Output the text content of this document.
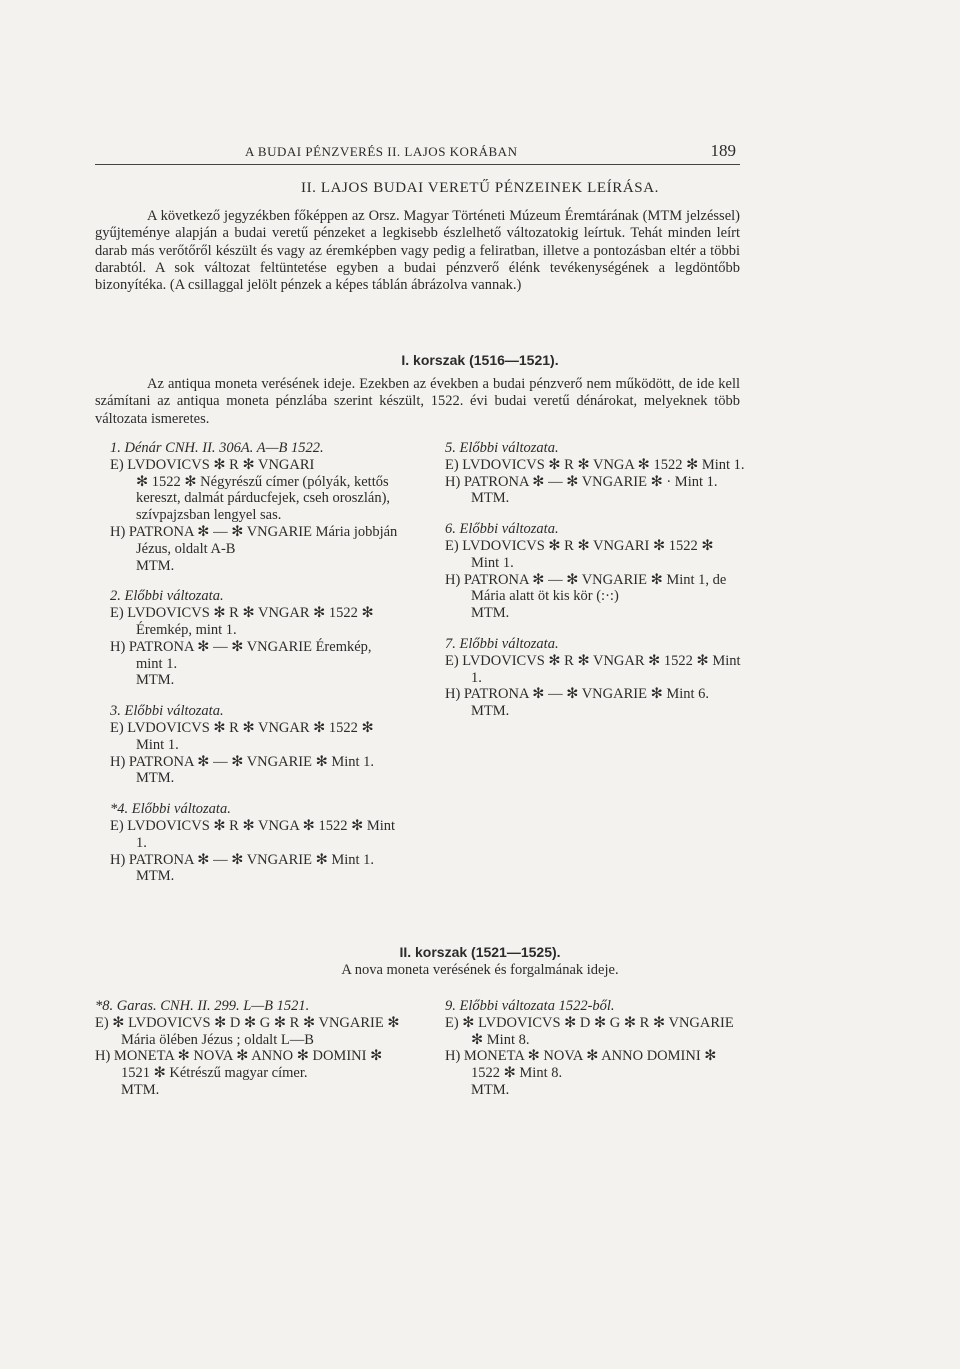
A BUDAI PÉNZVERÉS II. LAJOS KORÁBAN	189
II. LAJOS BUDAI VERETŰ PÉNZEINEK LEÍRÁSA.

A következő jegyzékben főképpen az Orsz. Magyar Történeti Múzeum Éremtárának (MTM jelzéssel) gyűjteménye alapján a budai veretű pénzeket a legkisebb észlelhető változatokig leírtuk. Tehát minden leírt darab más verőtőről készült és vagy az éremképben vagy pedig a feliratban, illetve a pontozásban eltér a többi darabtól. A sok változat feltüntetése egyben a budai pénzverő élénk tevékenységének a legdöntőbb bizonyítéka. (A csillaggal jelölt pénzek a képes táblán ábrázolva vannak.)

I. korszak (1516—1521).

Az antiqua moneta verésének ideje. Ezekben az években a budai pénzverő nem működött, de ide kell számítani az antiqua moneta pénzlába szerint készült, 1522. évi budai veretű dénárokat, melyeknek több változata ismeretes.

1. Dénár CNH. II. 306A. A—B 1522.
E) LVDOVICVS ✻ R ✻ VNGARI
✻ 1522 ✻ Négyrészű címer (pólyák, kettős kereszt, dalmát párducfejek, cseh oroszlán), szívpajzsban lengyel sas.
H) PATRONA ✻ — ✻ VNGARIE Mária jobbján Jézus, oldalt A-B
MTM.
2. Előbbi változata.
E) LVDOVICVS ✻ R ✻ VNGAR ✻ 1522 ✻ Éremkép, mint 1.
H) PATRONA ✻ — ✻ VNGARIE Éremkép, mint 1.
MTM.
3. Előbbi változata.
E) LVDOVICVS ✻ R ✻ VNGAR ✻ 1522 ✻ Mint 1.
H) PATRONA ✻ — ✻ VNGARIE ✻ Mint 1.
MTM.
*4. Előbbi változata.
E) LVDOVICVS ✻ R ✻ VNGA ✻ 1522 ✻ Mint 1.
H) PATRONA ✻ — ✻ VNGARIE ✻ Mint 1.
MTM.
5. Előbbi változata.
E) LVDOVICVS ✻ R ✻ VNGA ✻ 1522 ✻ Mint 1.
H) PATRONA ✻ — ✻ VNGARIE ✻ · Mint 1.
MTM.
6. Előbbi változata.
E) LVDOVICVS ✻ R ✻ VNGARI ✻ 1522 ✻ Mint 1.
H) PATRONA ✻ — ✻ VNGARIE ✻ Mint 1, de Mária alatt öt kis kör (:·:)
MTM.
7. Előbbi változata.
E) LVDOVICVS ✻ R ✻ VNGAR ✻ 1522 ✻ Mint 1.
H) PATRONA ✻ — ✻ VNGARIE ✻ Mint 6.
MTM.
II. korszak (1521—1525).
A nova moneta verésének és forgalmának ideje.
*8. Garas. CNH. II. 299. L—B 1521.
E) ✻ LVDOVICVS ✻ D ✻ G ✻ R ✻ VNGARIE ✻ Mária ölében Jézus ; oldalt L—B
H) MONETA ✻ NOVA ✻ ANNO ✻ DOMINI ✻ 1521 ✻ Kétrészű magyar címer.
MTM.
9. Előbbi változata 1522-ből.
E) ✻ LVDOVICVS ✻ D ✻ G ✻ R ✻ VNGARIE ✻ Mint 8.
H) MONETA ✻ NOVA ✻ ANNO DOMINI ✻ 1522 ✻ Mint 8.
MTM.
